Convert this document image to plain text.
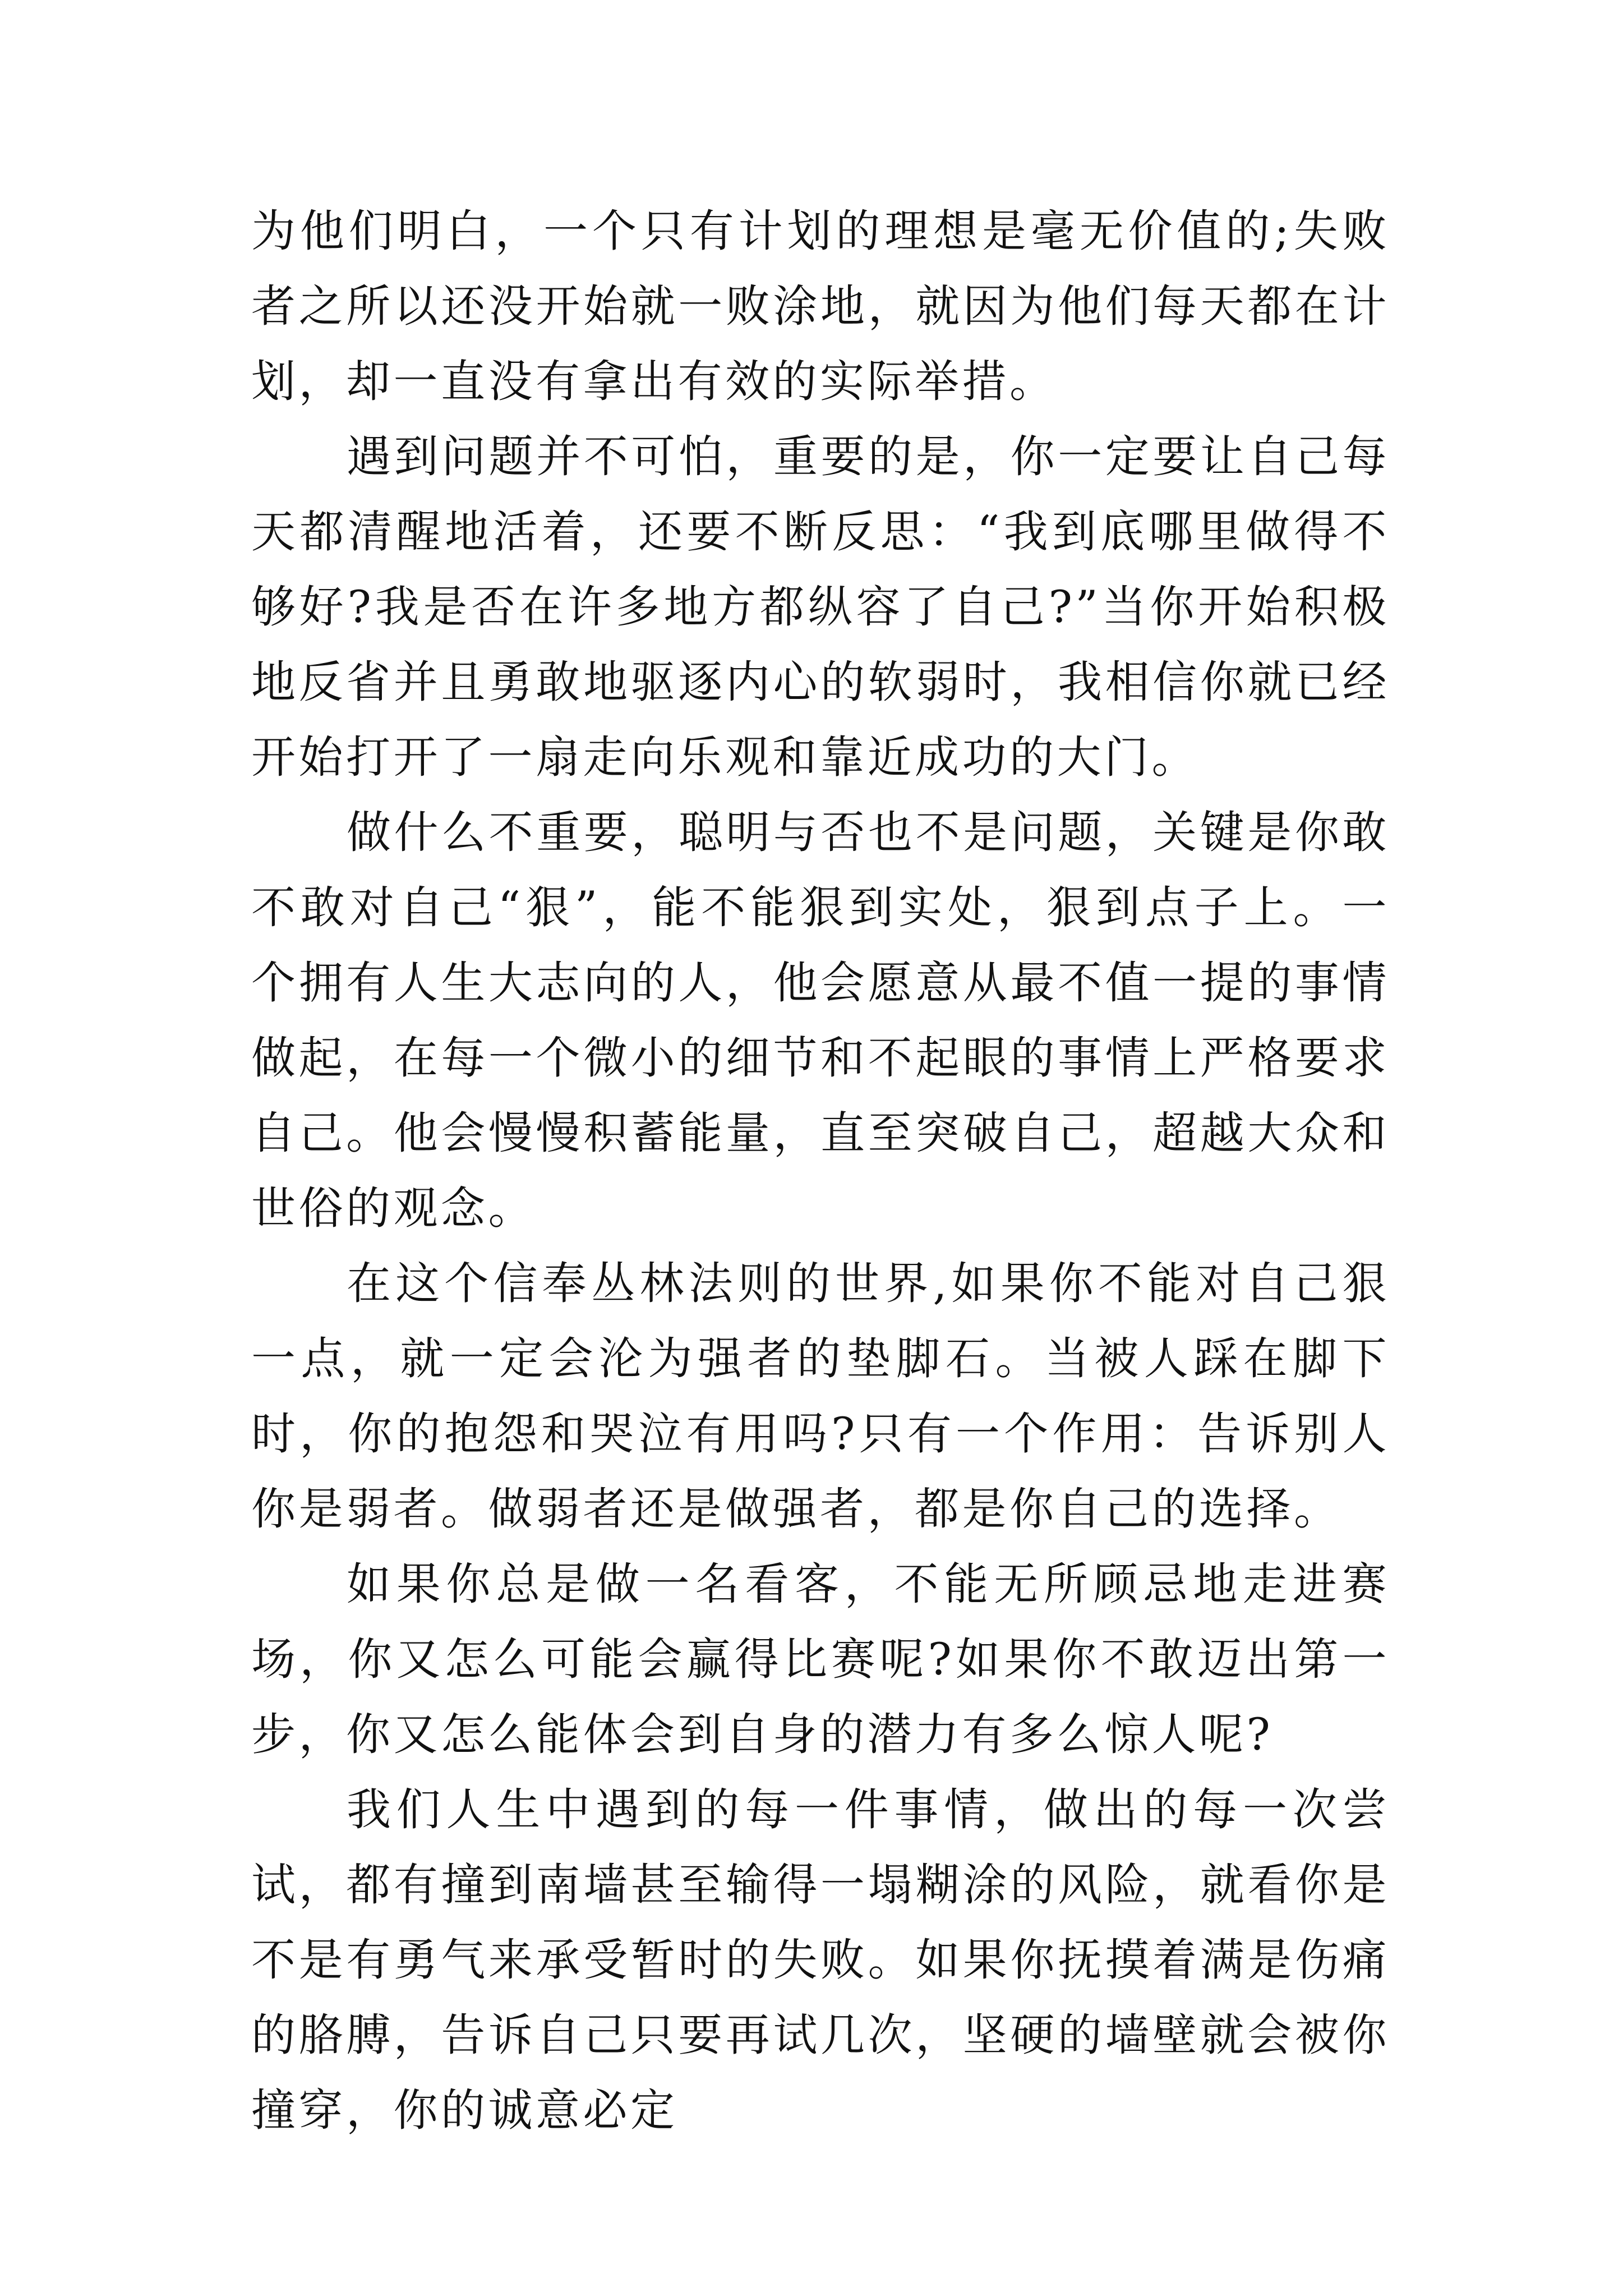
为他们明白，一个只有计划的理想是毫无价值的;失败者之所以还没开始就一败涂地，就因为他们每天都在计划，却一直没有拿出有效的实际举措。

遇到问题并不可怕，重要的是，你一定要让自己每天都清醒地活着，还要不断反思：“我到底哪里做得不够好?我是否在许多地方都纵容了自己?”当你开始积极地反省并且勇敢地驱逐内心的软弱时，我相信你就已经开始打开了一扇走向乐观和靠近成功的大门。

做什么不重要，聪明与否也不是问题，关键是你敢不敢对自己“狠”，能不能狠到实处，狠到点子上。一个拥有人生大志向的人，他会愿意从最不值一提的事情做起，在每一个微小的细节和不起眼的事情上严格要求自己。他会慢慢积蓄能量，直至突破自己，超越大众和世俗的观念。

在这个信奉丛林法则的世界,如果你不能对自己狠一点，就一定会沦为强者的垫脚石。当被人踩在脚下时，你的抱怨和哭泣有用吗?只有一个作用：告诉别人你是弱者。做弱者还是做强者，都是你自己的选择。

如果你总是做一名看客，不能无所顾忌地走进赛场，你又怎么可能会赢得比赛呢?如果你不敢迈出第一步，你又怎么能体会到自身的潜力有多么惊人呢?

我们人生中遇到的每一件事情，做出的每一次尝试，都有撞到南墙甚至输得一塌糊涂的风险，就看你是不是有勇气来承受暂时的失败。如果你抚摸着满是伤痛的胳膊，告诉自己只要再试几次，坚硬的墙壁就会被你撞穿，你的诚意必定
